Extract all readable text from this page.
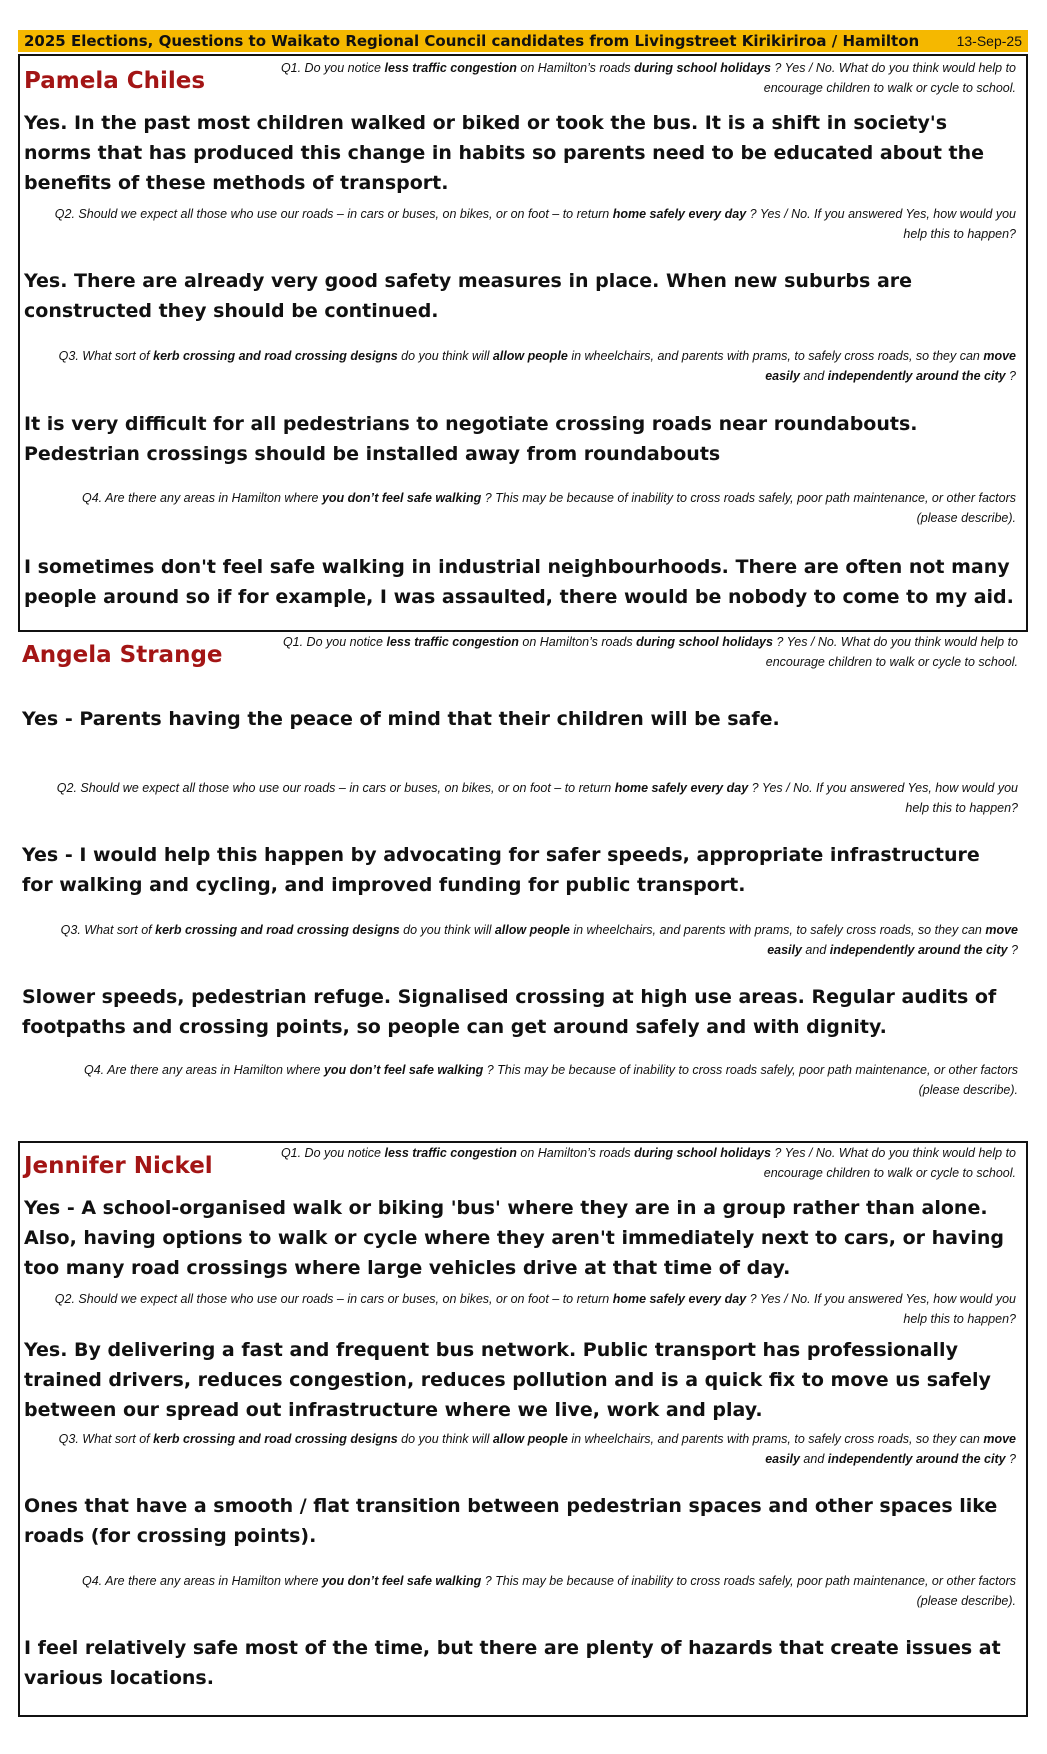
2025 Elections, Questions to Waikato Regional Council candidates from Livingstreet Kirikiriroa / Hamilton	13-Sep-25
Pamela Chiles	Q1. Do you notice less traffic congestion on Hamilton’s roads during school holidays ? Yes / No. What do you think would help to encourage children to walk or cycle to school.
Yes. In the past most children walked or biked or took the bus. It is a shift in society's norms that has produced this change in habits so parents need to be educated about the benefits of these methods of transport.
Q2. Should we expect all those who use our roads – in cars or buses, on bikes, or on foot – to return home safely every day ? Yes / No. If you answered Yes, how would you help this to happen?
Yes. There are already very good safety measures in place. When new suburbs are constructed they should be continued.
Q3. What sort of kerb crossing and road crossing designs do you think will allow people in wheelchairs, and parents with prams, to safely cross roads, so they can move easily and independently around the city ?
It is very difficult for all pedestrians to negotiate crossing roads near roundabouts. Pedestrian crossings should be installed away from roundabouts
Q4. Are there any areas in Hamilton where you don’t feel safe walking ? This may be because of inability to cross roads safely, poor path maintenance, or other factors (please describe).
I sometimes don't feel safe walking in industrial neighbourhoods. There are often not many people around so if for example, I was assaulted, there would be nobody to come to my aid.
Angela Strange	Q1. Do you notice less traffic congestion on Hamilton’s roads during school holidays ? Yes / No. What do you think would help to encourage children to walk or cycle to school.
Yes - Parents having the peace of mind that their children will be safe.
Q2. Should we expect all those who use our roads – in cars or buses, on bikes, or on foot – to return home safely every day ? Yes / No. If you answered Yes, how would you help this to happen?
Yes - I would help this happen by advocating for safer speeds, appropriate infrastructure for walking and cycling, and improved funding for public transport.
Q3. What sort of kerb crossing and road crossing designs do you think will allow people in wheelchairs, and parents with prams, to safely cross roads, so they can move easily and independently around the city ?
Slower speeds, pedestrian refuge. Signalised crossing at high use areas. Regular audits of footpaths and crossing points, so people can get around safely and with dignity.
Q4. Are there any areas in Hamilton where you don’t feel safe walking ? This may be because of inability to cross roads safely, poor path maintenance, or other factors (please describe).
Jennifer Nickel	Q1. Do you notice less traffic congestion on Hamilton’s roads during school holidays ? Yes / No. What do you think would help to encourage children to walk or cycle to school.
Yes - A school-organised walk or biking 'bus' where they are in a group rather than alone. Also, having options to walk or cycle where they aren't immediately next to cars, or having too many road crossings where large vehicles drive at that time of day.
Q2. Should we expect all those who use our roads – in cars or buses, on bikes, or on foot – to return home safely every day ? Yes / No. If you answered Yes, how would you help this to happen?
Yes. By delivering a fast and frequent bus network. Public transport has professionally trained drivers, reduces congestion, reduces pollution and is a quick fix to move us safely between our spread out infrastructure where we live, work and play.
Q3. What sort of kerb crossing and road crossing designs do you think will allow people in wheelchairs, and parents with prams, to safely cross roads, so they can move easily and independently around the city ?
Ones that have a smooth / flat transition between pedestrian spaces and other spaces like roads (for crossing points).
Q4. Are there any areas in Hamilton where you don’t feel safe walking ? This may be because of inability to cross roads safely, poor path maintenance, or other factors (please describe).
I feel relatively safe most of the time, but there are plenty of hazards that create issues at various locations.
